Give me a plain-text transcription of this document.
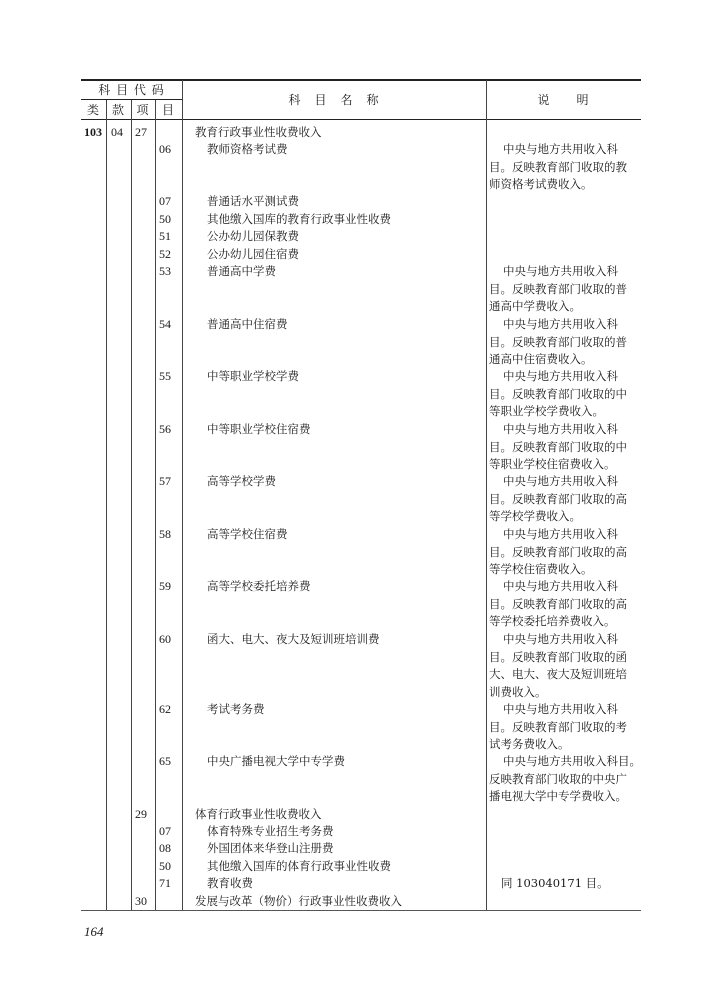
科 目 代 码
类 款 项	目
科　目　名　称	说　　明
103 04 27	教育行政事业性收费收入
06	教师资格考试费	中央与地方共用收入科
目。反映教育部门收取的教
师资格考试费收入。
07	普通话水平测试费
50	其他缴入国库的教育行政事业性收费
51	公办幼儿园保教费
52	公办幼儿园住宿费
53	普通高中学费	中央与地方共用收入科
目。反映教育部门收取的普
通高中学费收入。
54	普通高中住宿费	中央与地方共用收入科
目。反映教育部门收取的普
通高中住宿费收入。
55	中等职业学校学费	中央与地方共用收入科
目。反映教育部门收取的中
等职业学校学费收入。
56	中等职业学校住宿费	中央与地方共用收入科
目。反映教育部门收取的中
等职业学校住宿费收入。
57	高等学校学费	中央与地方共用收入科
目。反映教育部门收取的高
等学校学费收入。
58	高等学校住宿费	中央与地方共用收入科
目。反映教育部门收取的高
等学校住宿费收入。
59	高等学校委托培养费	中央与地方共用收入科
目。反映教育部门收取的高
等学校委托培养费收入。
60	函大、电大、夜大及短训班培训费	中央与地方共用收入科
目。反映教育部门收取的函
大、电大、夜大及短训班培
训费收入。
62	考试考务费	中央与地方共用收入科
目。反映教育部门收取的考
试考务费收入。
65	中央广播电视大学中专学费	中央与地方共用收入科目。
反映教育部门收取的中央广
播电视大学中专学费收入。
29	体育行政事业性收费收入
07	体育特殊专业招生考务费
08	外国团体来华登山注册费
50	其他缴入国库的体育行政事业性收费
71	教育收费	同 103040171 目。
30	发展与改革（物价）行政事业性收费收入
164
